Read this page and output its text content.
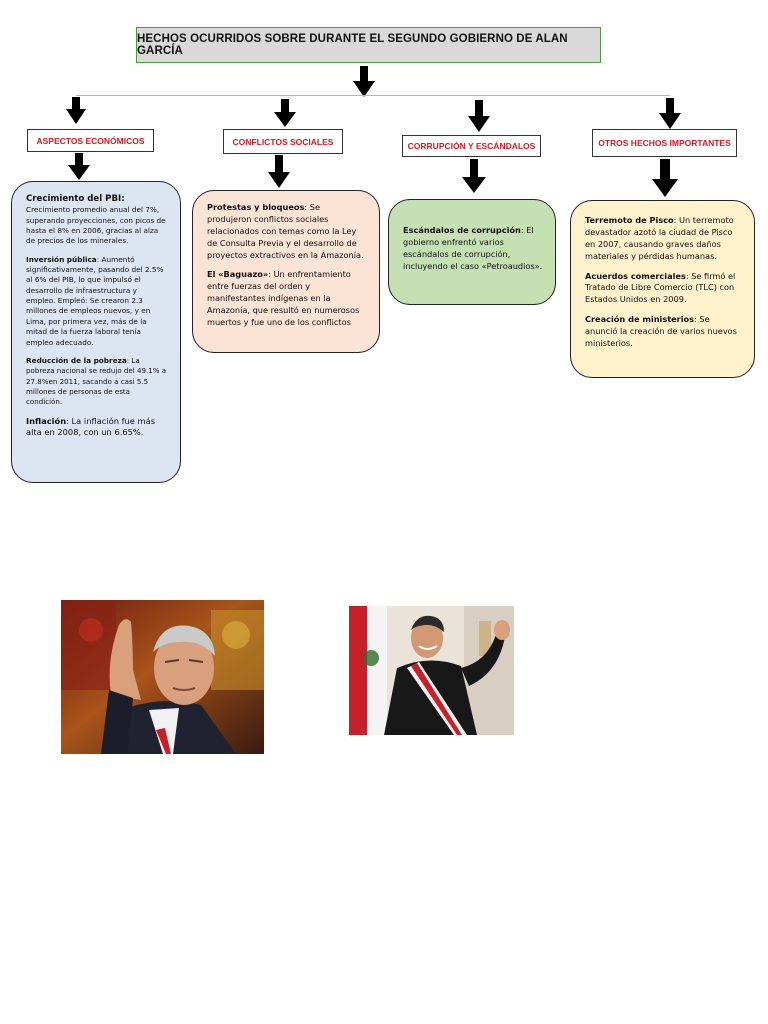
HECHOS OCURRIDOS SOBRE DURANTE EL SEGUNDO GOBIERNO DE ALAN GARCÍA
ASPECTOS ECONÓMICOS	CONFLICTOS SOCIALES	CORRUPCIÓN Y ESCÁNDALOS	OTROS HECHOS IMPORTANTES

Crecimiento del PBI: Crecimiento promedio anual del 7%, superando proyecciones, con picos de hasta el 8% en 2006, gracias al alza de precios de los minerales.

Inversión pública: Aumentó significativamente, pasando del 2.5% al 6% del PIB, lo que impulsó el desarrollo de infraestructura y empleo. Empleó: Se crearon 2.3 millones de empleos nuevos, y en Lima, por primera vez, más de la mitad de la fuerza laboral tenía empleo adecuado.

Reducción de la pobreza: La pobreza nacional se redujo del 49.1% a 27.8%en 2011, sacando a casi 5.5 millones de personas de esta condición.

Inflación: La inflación fue más alta en 2008, con un 6.65%.

Protestas y bloqueos: Se produjeron conflictos sociales relacionados con temas como la Ley de Consulta Previa y el desarrollo de proyectos extractivos en la Amazonía.

El «Baguazo»: Un enfrentamiento entre fuerzas del orden y manifestantes indígenas en la Amazonía, que resultó en numerosos muertos y fue uno de los conflictos

Escándalos de corrupción: El gobierno enfrentó varios escándalos de corrupción, incluyendo el caso «Petroaudios».

Terremoto de Pisco: Un terremoto devastador azotó la ciudad de Pisco en 2007, causando graves daños materiales y pérdidas humanas.

Acuerdos comerciales: Se firmó el Tratado de Libre Comercio (TLC) con Estados Unidos en 2009.

Creación de ministerios: Se anunció la creación de varios nuevos ministerios.
